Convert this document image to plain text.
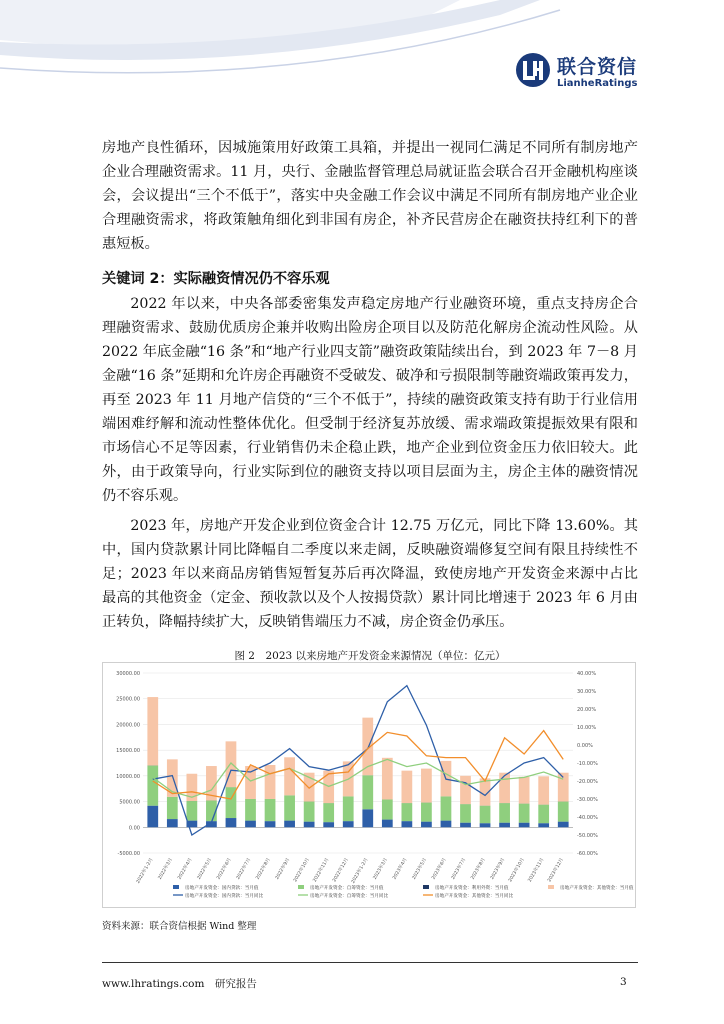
联合资信
LianheRatings

房地产良性循环，因城施策用好政策工具箱，并提出一视同仁满足不同所有制房地产企业合理融资需求。11 月，央行、金融监督管理总局就证监会联合召开金融机构座谈会，会议提出“三个不低于”，落实中央金融工作会议中满足不同所有制房地产业企业合理融资需求，将政策触角细化到非国有房企，补齐民营房企在融资扶持红利下的普惠短板。

关键词 2：实际融资情况仍不容乐观

2022 年以来，中央各部委密集发声稳定房地产行业融资环境，重点支持房企合理融资需求、鼓励优质房企兼并收购出险房企项目以及防范化解房企流动性风险。从 2022 年底金融“16 条”和“地产行业四支箭”融资政策陆续出台，到 2023 年 7－8 月金融“16 条”延期和允许房企再融资不受破发、破净和亏损限制等融资端政策再发力，再至 2023 年 11 月地产信贷的“三个不低于”，持续的融资政策支持有助于行业信用端困难纾解和流动性整体优化。但受制于经济复苏放缓、需求端政策提振效果有限和市场信心不足等因素，行业销售仍未企稳止跌，地产企业到位资金压力依旧较大。此外，由于政策导向，行业实际到位的融资支持以项目层面为主，房企主体的融资情况仍不容乐观。

2023 年，房地产开发企业到位资金合计 12.75 万亿元，同比下降 13.60%。其中，国内贷款累计同比降幅自二季度以来走阔，反映融资端修复空间有限且持续性不足；2023 年以来商品房销售短暂复苏后再次降温，致使房地产开发资金来源中占比最高的其他资金（定金、预收款以及个人按揭贷款）累计同比增速于 2023 年 6 月由正转负，降幅持续扩大，反映销售端压力不减，房企资金仍承压。

图 2　2023 以来房地产开发资金来源情况（单位：亿元）
-5000.00
0.00
5000.00
10000.00
15000.00
20000.00
25000.00
30000.00
-60.00%
-50.00%
-40.00%
-30.00%
-20.00%
-10.00%
0.00%
10.00%
20.00%
30.00%
40.00%
2022年1-2月 2022年3月 2022年4月 2022年5月 2022年6月 2022年7月 2022年8月 2022年9月 2022年10月 2022年11月 2022年12月 2023年1-2月 2023年3月 2023年4月 2023年5月 2023年6月 2023年7月 2023年8月 2023年9月 2023年10月 2023年11月 2023年12月
房地产开发资金：国内贷款：当月值	房地产开发资金：自筹资金：当月值	房地产开发资金：利用外资：当月值	房地产开发资金：其他资金：当月值
房地产开发资金：国内贷款：当月同比	房地产开发资金：自筹资金：当月同比	房地产开发资金：其他资金：当月同比
资料来源：联合资信根据 Wind 整理
www.lhratings.com　研究报告	3
